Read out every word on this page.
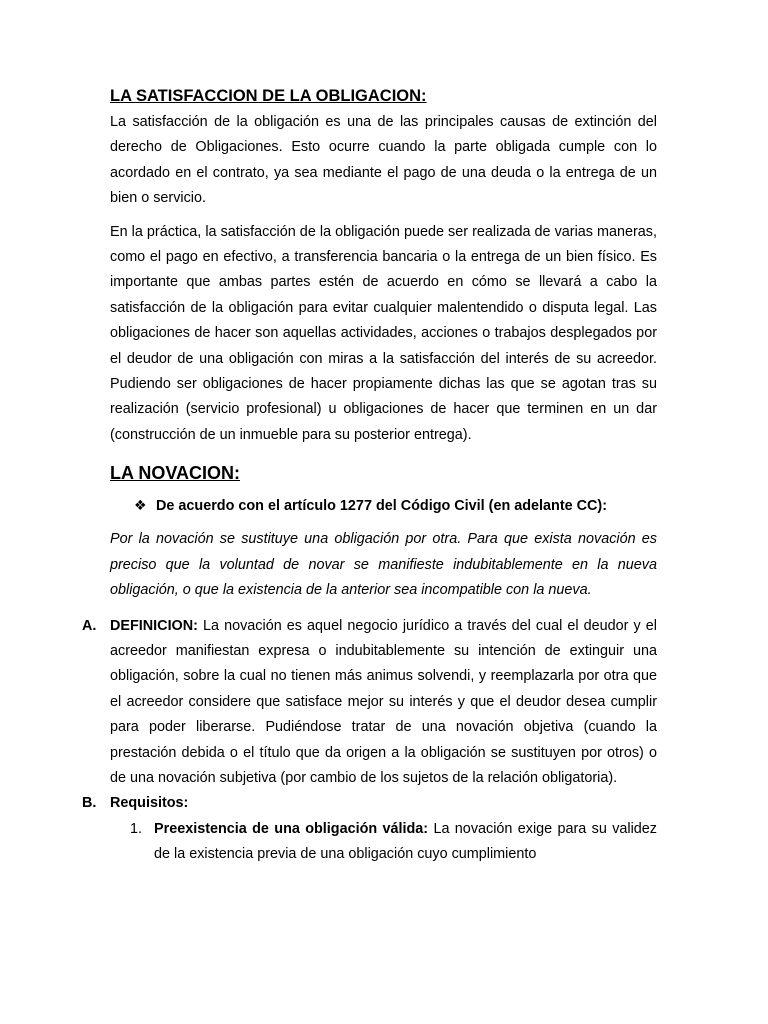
LA SATISFACCION DE LA OBLIGACION:

La satisfacción de la obligación es una de las principales causas de extinción del derecho de Obligaciones. Esto ocurre cuando la parte obligada cumple con lo acordado en el contrato, ya sea mediante el pago de una deuda o la entrega de un bien o servicio.

En la práctica, la satisfacción de la obligación puede ser realizada de varias maneras, como el pago en efectivo, a transferencia bancaria o la entrega de un bien físico. Es importante que ambas partes estén de acuerdo en cómo se llevará a cabo la satisfacción de la obligación para evitar cualquier malentendido o disputa legal. Las obligaciones de hacer son aquellas actividades, acciones o trabajos desplegados por el deudor de una obligación con miras a la satisfacción del interés de su acreedor. Pudiendo ser obligaciones de hacer propiamente dichas las que se agotan tras su realización (servicio profesional) u obligaciones de hacer que terminen en un dar (construcción de un inmueble para su posterior entrega).

LA NOVACION:
❖ De acuerdo con el artículo 1277 del Código Civil (en adelante CC):

Por la novación se sustituye una obligación por otra. Para que exista novación es preciso que la voluntad de novar se manifieste indubitablemente en la nueva obligación, o que la existencia de la anterior sea incompatible con la nueva.

A. DEFINICION: La novación es aquel negocio jurídico a través del cual el deudor y el acreedor manifiestan expresa o indubitablemente su intención de extinguir una obligación, sobre la cual no tienen más animus solvendi, y reemplazarla por otra que el acreedor considere que satisface mejor su interés y que el deudor desea cumplir para poder liberarse. Pudiéndose tratar de una novación objetiva (cuando la prestación debida o el título que da origen a la obligación se sustituyen por otros) o de una novación subjetiva (por cambio de los sujetos de la relación obligatoria).
B. Requisitos:
1. Preexistencia de una obligación válida: La novación exige para su validez de la existencia previa de una obligación cuyo cumplimiento
